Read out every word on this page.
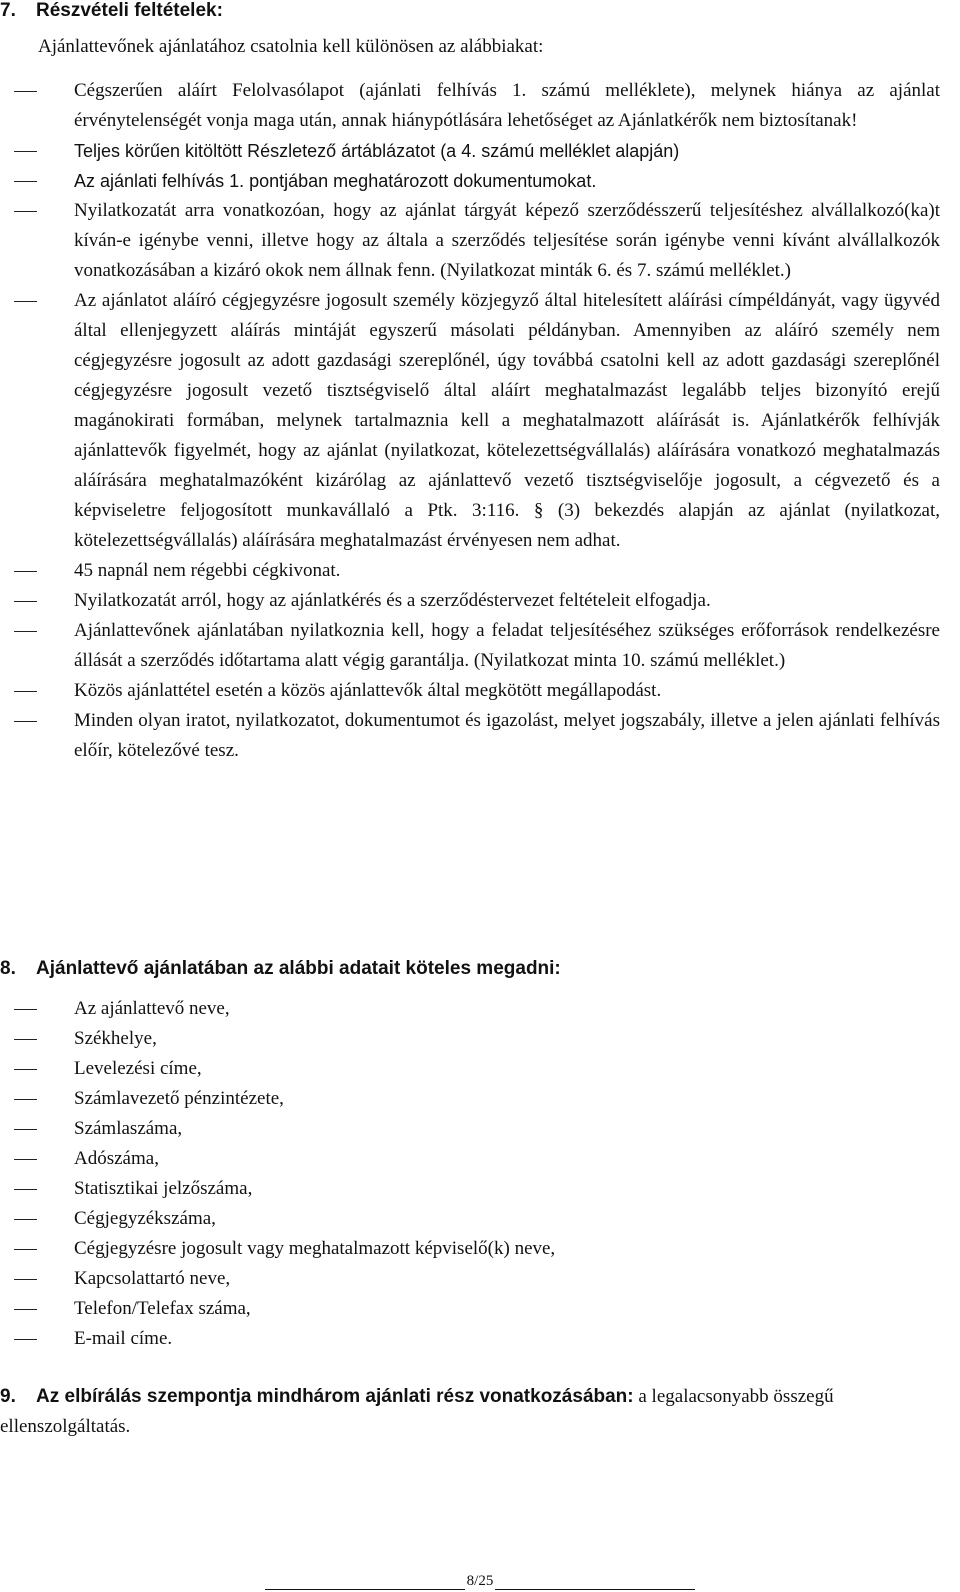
7. Részvételi feltételek:
Ajánlattevőnek ajánlatához csatolnia kell különösen az alábbiakat:
Cégszerűen aláírt Felolvasólapot (ajánlati felhívás 1. számú melléklete), melynek hiánya az ajánlat érvénytelenségét vonja maga után, annak hiánypótlására lehetőséget az Ajánlatkérők nem biztosítanak!
Teljes körűen kitöltött Részletező ártáblázatot (a 4. számú melléklet alapján)
Az ajánlati felhívás 1. pontjában meghatározott dokumentumokat.
Nyilatkozatát arra vonatkozóan, hogy az ajánlat tárgyát képező szerződésszerű teljesítéshez alvállalkozó(ka)t kíván-e igénybe venni, illetve hogy az általa a szerződés teljesítése során igénybe venni kívánt alvállalkozók vonatkozásában a kizáró okok nem állnak fenn. (Nyilatkozat minták 6. és 7. számú melléklet.)
Az ajánlatot aláíró cégjegyzésre jogosult személy közjegyző által hitelesített aláírási címpéldányát, vagy ügyvéd által ellenjegyzett aláírás mintáját egyszerű másolati példányban. Amennyiben az aláíró személy nem cégjegyzésre jogosult az adott gazdasági szereplőnél, úgy továbbá csatolni kell az adott gazdasági szereplőnél cégjegyzésre jogosult vezető tisztségviselő által aláírt meghatalmazást legalább teljes bizonyító erejű magánokirati formában, melynek tartalmaznia kell a meghatalmazott aláírását is. Ajánlatkérők felhívják ajánlattevők figyelmét, hogy az ajánlat (nyilatkozat, kötelezettségvállalás) aláírására vonatkozó meghatalmazás aláírására meghatalmazóként kizárólag az ajánlattevő vezető tisztségviselője jogosult, a cégvezető és a képviseletre feljogosított munkavállaló a Ptk. 3:116. § (3) bekezdés alapján az ajánlat (nyilatkozat, kötelezettségvállalás) aláírására meghatalmazást érvényesen nem adhat.
45 napnál nem régebbi cégkivonat.
Nyilatkozatát arról, hogy az ajánlatkérés és a szerződéstervezet feltételeit elfogadja.
Ajánlattevőnek ajánlatában nyilatkoznia kell, hogy a feladat teljesítéséhez szükséges erőforrások rendelkezésre állását a szerződés időtartama alatt végig garantálja. (Nyilatkozat minta 10. számú melléklet.)
Közös ajánlattétel esetén a közös ajánlattevők által megkötött megállapodást.
Minden olyan iratot, nyilatkozatot, dokumentumot és igazolást, melyet jogszabály, illetve a jelen ajánlati felhívás előír, kötelezővé tesz.
8. Ajánlattevő ajánlatában az alábbi adatait köteles megadni:
Az ajánlattevő neve,
Székhelye,
Levelezési címe,
Számlavezető pénzintézete,
Számlaszáma,
Adószáma,
Statisztikai jelzőszáma,
Cégjegyzékszáma,
Cégjegyzésre jogosult vagy meghatalmazott képviselő(k) neve,
Kapcsolattartó neve,
Telefon/Telefax száma,
E-mail címe.
9. Az elbírálás szempontja mindhárom ajánlati rész vonatkozásában: a legalacsonyabb összegű ellenszolgáltatás.
8/25
